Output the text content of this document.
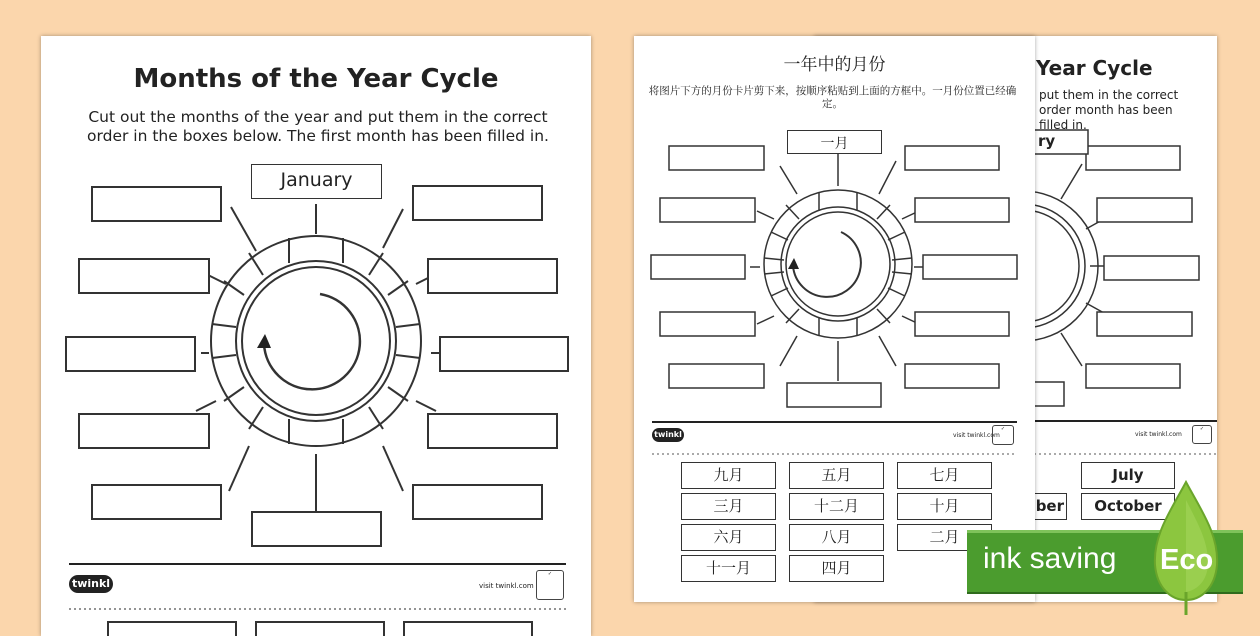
Year Cycle
put them in the correct order month has been filled in.
ry
visit twinkl.com
✓
July
ber	October
Months of the Year Cycle
Cut out the months of the year and put them in the correct order in the boxes below. The first month has been filled in.
January
twinkl	visit twinkl.com
✓
一年中的月份
将图片下方的月份卡片剪下来，按顺序粘贴到上面的方框中。一月份位置已经确定。
一月
twinkl	visit twinkl.com
✓
九月	五月	七月
三月	十二月	十月
六月	八月	二月
十一月	四月	ink saving Eco
